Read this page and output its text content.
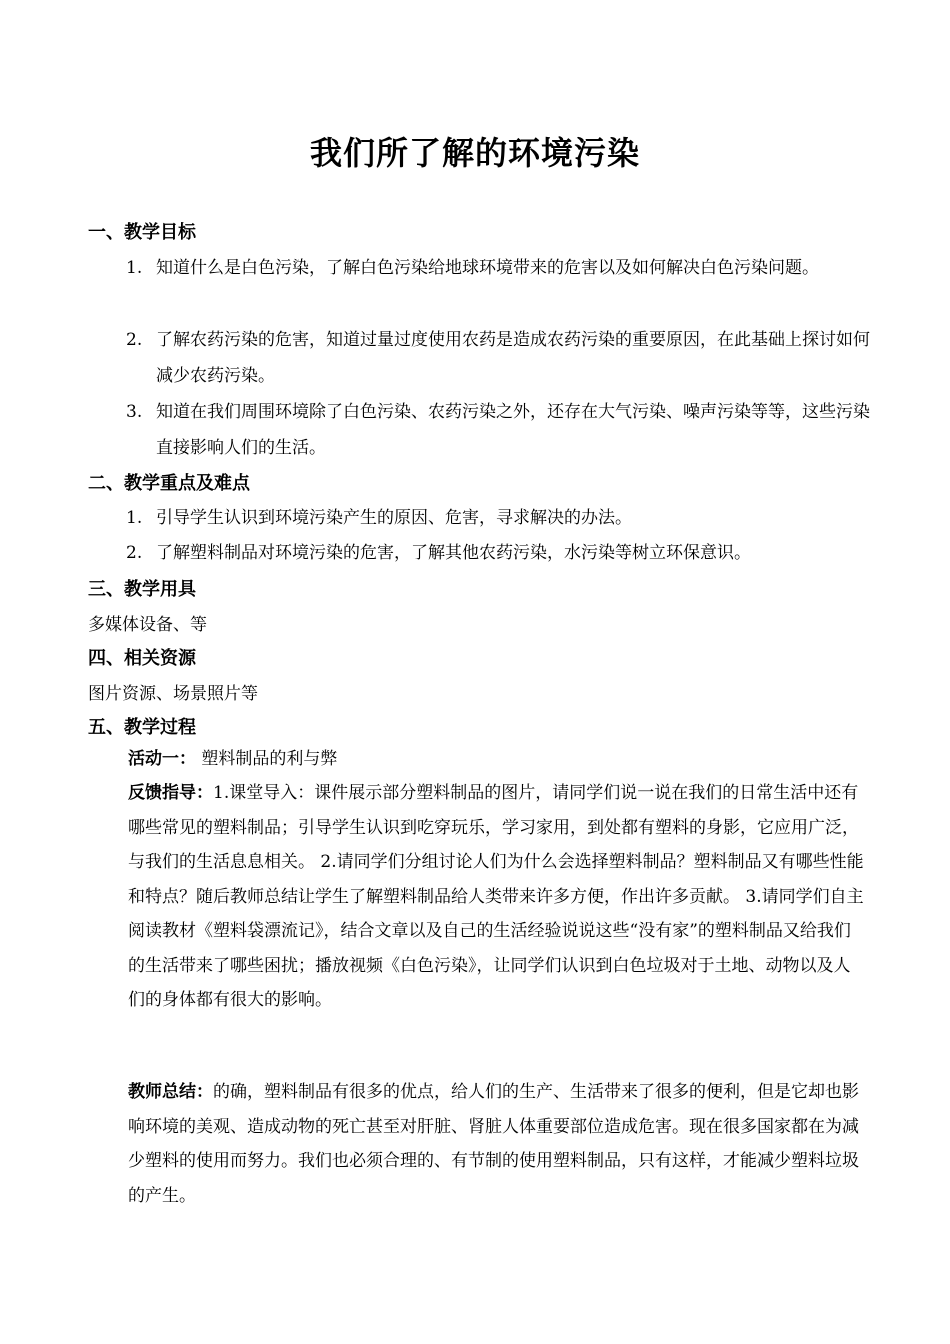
我们所了解的环境污染
一、教学目标
1. 知道什么是白色污染，了解白色污染给地球环境带来的危害以及如何解决白色污染问题。
2. 了解农药污染的危害，知道过量过度使用农药是造成农药污染的重要原因，在此基础上探讨如何减少农药污染。
3. 知道在我们周围环境除了白色污染、农药污染之外，还存在大气污染、噪声污染等等，这些污染直接影响人们的生活。
二、教学重点及难点
1. 引导学生认识到环境污染产生的原因、危害，寻求解决的办法。
2. 了解塑料制品对环境污染的危害，了解其他农药污染，水污染等树立环保意识。
三、教学用具
多媒体设备、等
四、相关资源
图片资源、场景照片等
五、教学过程
活动一： 塑料制品的利与弊
反馈指导：1.课堂导入：课件展示部分塑料制品的图片，请同学们说一说在我们的日常生活中还有哪些常见的塑料制品；引导学生认识到吃穿玩乐，学习家用，到处都有塑料的身影，它应用广泛，与我们的生活息息相关。 2.请同学们分组讨论人们为什么会选择塑料制品？塑料制品又有哪些性能和特点？随后教师总结让学生了解塑料制品给人类带来许多方便，作出许多贡献。 3.请同学们自主阅读教材《塑料袋漂流记》，结合文章以及自己的生活经验说说这些“没有家”的塑料制品又给我们的生活带来了哪些困扰；播放视频《白色污染》，让同学们认识到白色垃圾对于土地、动物以及人们的身体都有很大的影响。
教师总结：的确，塑料制品有很多的优点，给人们的生产、生活带来了很多的便利，但是它却也影响环境的美观、造成动物的死亡甚至对肝脏、肾脏人体重要部位造成危害。现在很多国家都在为减少塑料的使用而努力。我们也必须合理的、有节制的使用塑料制品，只有这样，才能减少塑料垃圾的产生。
